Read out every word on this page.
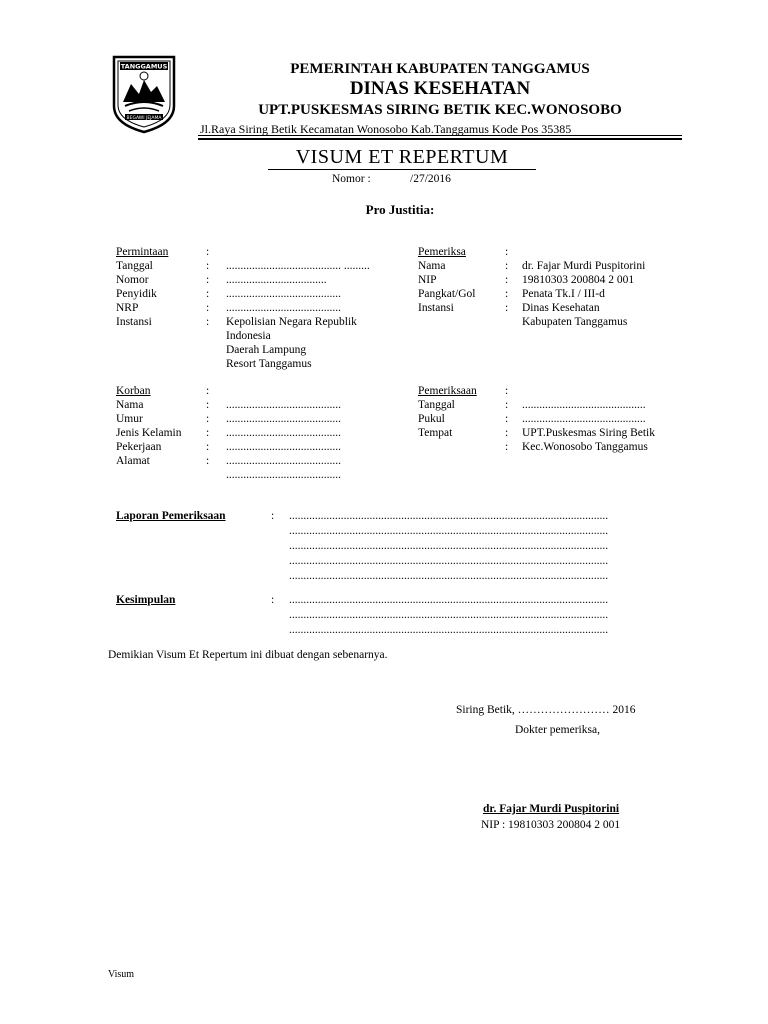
TANGGAMUS
BEGAWI JEJAMA
PEMERINTAH KABUPATEN TANGGAMUS
DINAS KESEHATAN
UPT.PUSKESMAS SIRING BETIK KEC.WONOSOBO
Jl.Raya Siring Betik Kecamatan Wonosobo Kab.Tanggamus Kode Pos 35385
VISUM ET REPERTUM
Nomor :	/27/2016
Pro Justitia:
Permintaan	:
Tanggal	: ........................................ .........
Nomor	: ...................................
Penyidik	: ........................................
NRP	: ........................................
Instansi	: Kepolisian Negara Republik
Indonesia
Daerah Lampung
Resort Tanggamus
Pemeriksa	:
Nama	: dr. Fajar Murdi Puspitorini
NIP	: 19810303 200804 2 001
Pangkat/Gol	: Penata Tk.I / III-d
Instansi	: Dinas Kesehatan
Kabupaten Tanggamus
Korban	:
Nama	: ........................................
Umur	: ........................................
Jenis Kelamin : ........................................
Pekerjaan	: ........................................
Alamat	: ........................................
........................................
Pemeriksaan :
Tanggal	: ...........................................
Pukul	: ...........................................
Tempat	: UPT.Puskesmas Siring Betik
: Kec.Wonosobo Tanggamus
Laporan Pemeriksaan	: ...............................................................................................................
...............................................................................................................
...............................................................................................................
...............................................................................................................
...............................................................................................................
Kesimpulan	: ...............................................................................................................
...............................................................................................................
...............................................................................................................
Demikian Visum Et Repertum ini dibuat dengan sebenarnya.
Siring Betik, …………………… 2016
Dokter pemeriksa,
dr. Fajar Murdi Puspitorini
NIP : 19810303 200804 2 001
Visum
